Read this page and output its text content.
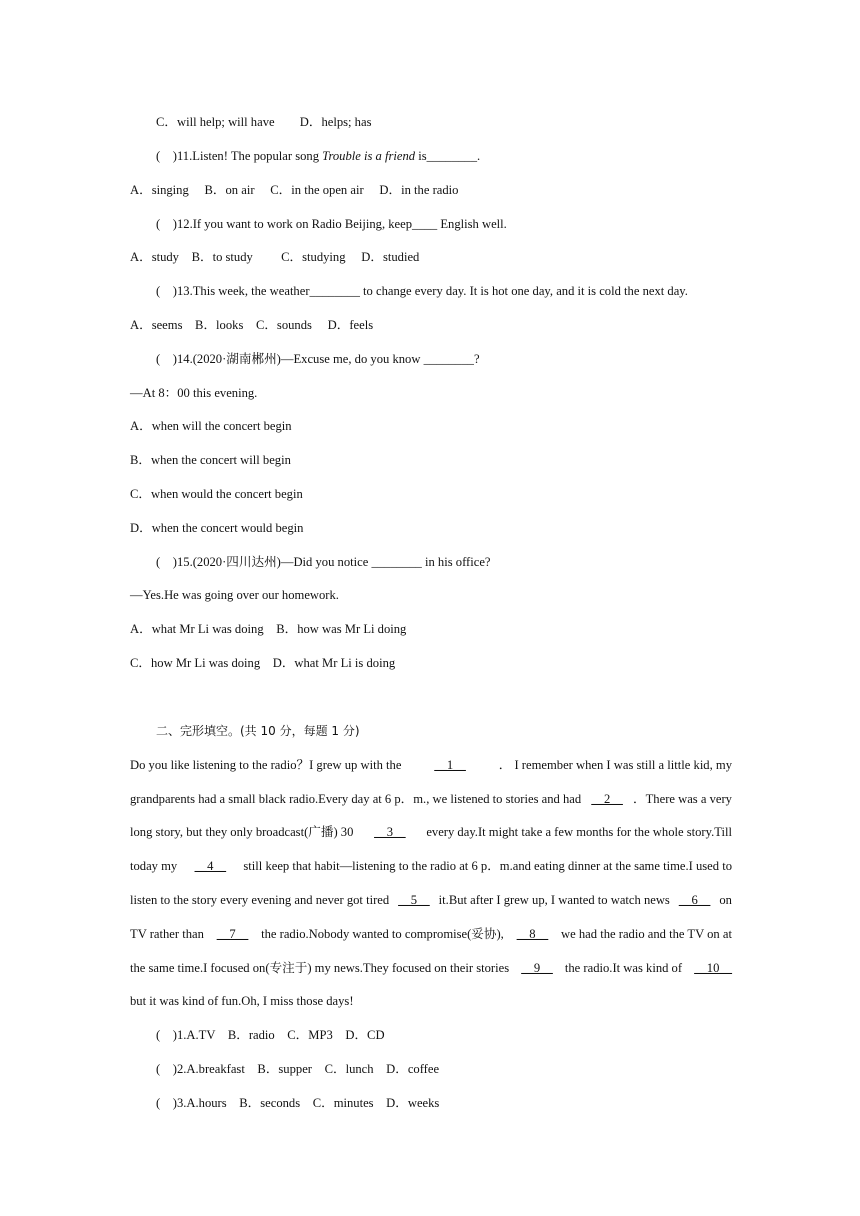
C．will help; will have　　D．helps; has
(　)11.Listen! The popular song Trouble is a friend is________.
A．singing　 B．on air　 C．in the open air　 D．in the radio
(　)12.If you want to work on Radio Beijing, keep____ English well.
A．study　B．to study　　 C．studying　 D．studied
(　)13.This week, the weather________ to change every day. It is hot one day, and it is cold the next day.
A．seems　B．looks　C．sounds　 D．feels
(　)14.(2020·湖南郴州)—Excuse me, do you know ________?
—At 8：00 this evening.
A．when will the concert begin
B．when the concert will begin
C．when would the concert begin
D．when the concert would begin
(　)15.(2020·四川达州)—Did you notice ________ in his office?
—Yes.He was going over our homework.
A．what Mr Li was doing　B．how was Mr Li doing
C．how Mr Li was doing　D．what Mr Li is doing
二、完形填空。(共 10 分，每题 1 分)
Do you like listening to the radio？I grew up with the	__1__	． I remember when I was still a little kid, my
grandparents had a small black radio.Every day at 6 p．m., we listened to stories and had __2__ ．There was a very
long story, but they only broadcast(广播) 30 __3__ every day.It might take a few months for the whole story.Till
today my __4__ still keep that habit—listening to the radio at 6 p．m.and eating dinner at the same time.I used to
listen to the story every evening and never got tired __5__ it.But after I grew up, I wanted to watch news __6__ on
TV rather than __7__ the radio.Nobody wanted to compromise(妥协), __8__ we had the radio and the TV on at
the same time.I focused on(专注于) my news.They focused on their stories __9__ the radio.It was kind of __10__
but it was kind of fun.Oh, I miss those days!
(　)1.A.TV　B．radio　C．MP3　D．CD
(　)2.A.breakfast　B．supper　C．lunch　D．coffee
(　)3.A.hours　B．seconds　C．minutes　D．weeks
